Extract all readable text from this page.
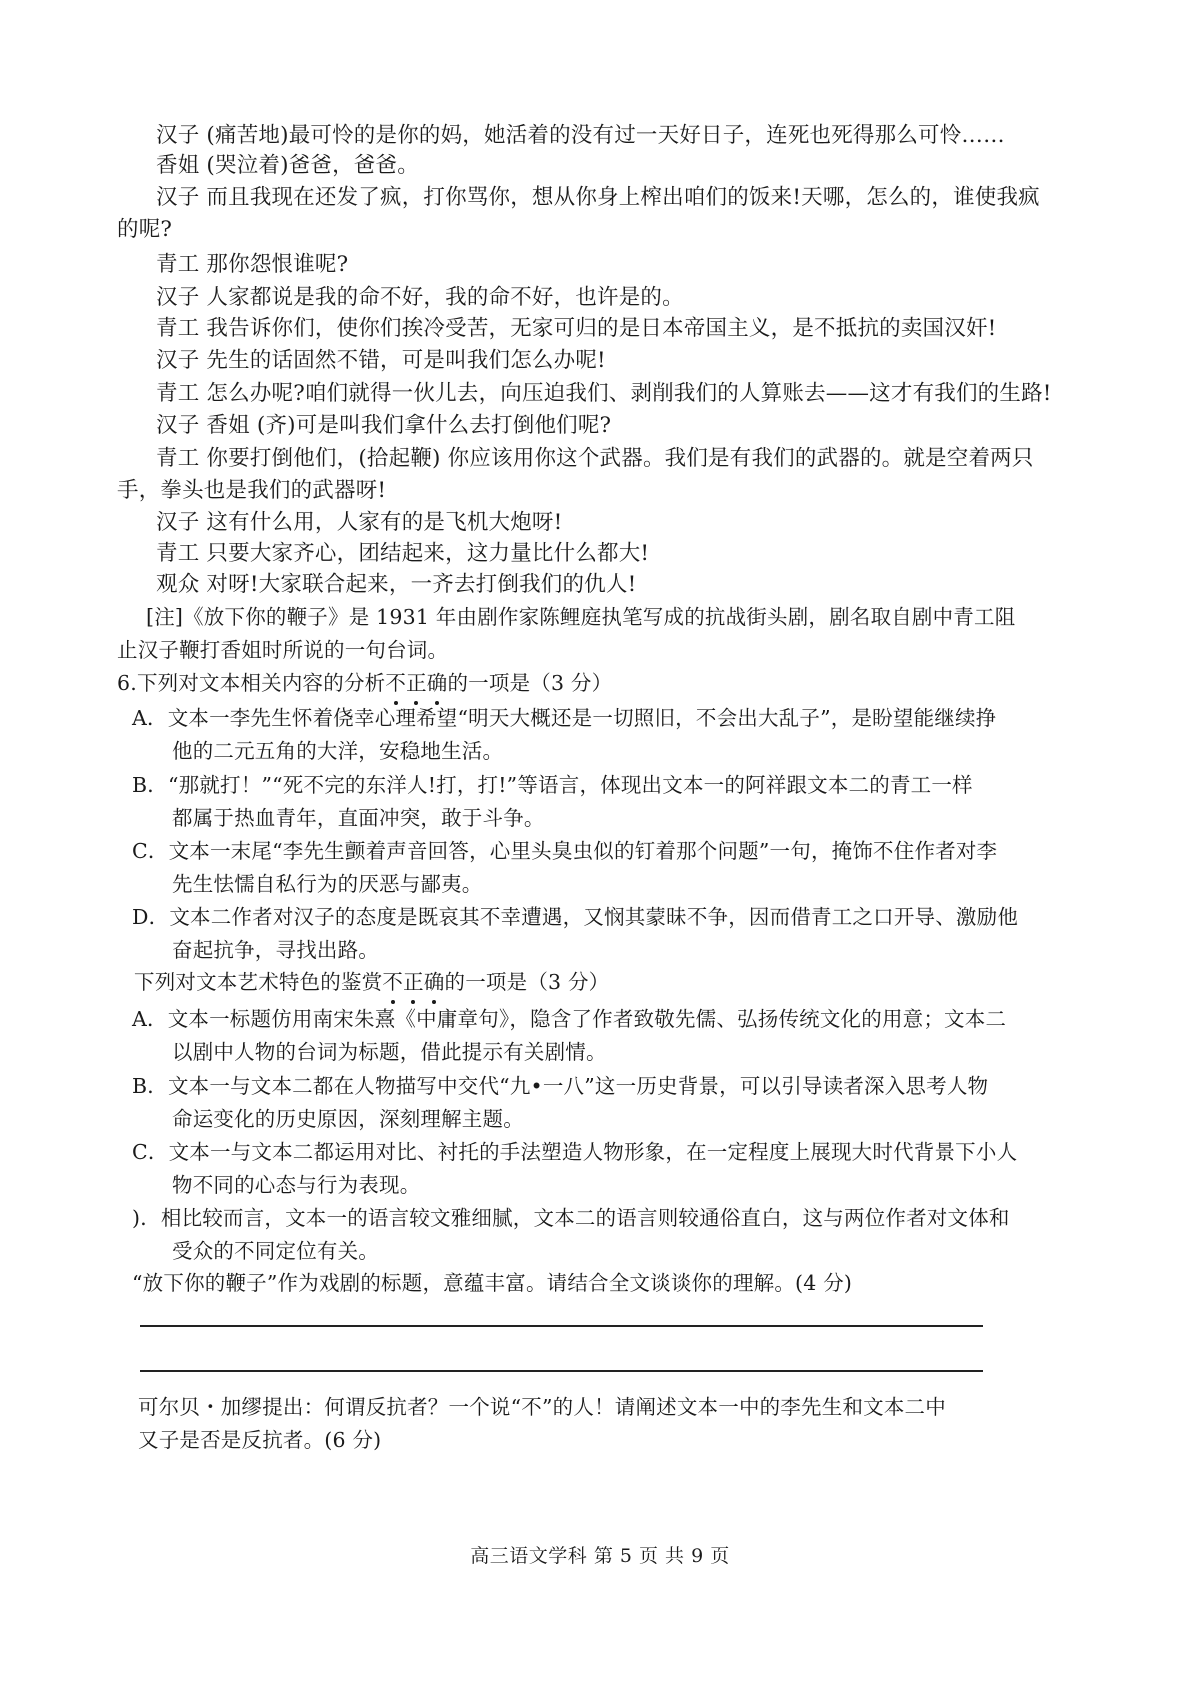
汉子 (痛苦地)最可怜的是你的妈，她活着的没有过一天好日子，连死也死得那么可怜……
香姐 (哭泣着)爸爸，爸爸。
汉子 而且我现在还发了疯，打你骂你，想从你身上榨出咱们的饭来!天哪，怎么的，谁使我疯
的呢?
青工 那你怨恨谁呢?
汉子 人家都说是我的命不好，我的命不好，也许是的。
青工 我告诉你们，使你们挨冷受苦，无家可归的是日本帝国主义，是不抵抗的卖国汉奸!
汉子 先生的话固然不错，可是叫我们怎么办呢!
青工 怎么办呢?咱们就得一伙儿去，向压迫我们、剥削我们的人算账去——这才有我们的生路!
汉子 香姐 (齐)可是叫我们拿什么去打倒他们呢?
青工 你要打倒他们，(拾起鞭) 你应该用你这个武器。我们是有我们的武器的。就是空着两只
手，拳头也是我们的武器呀!
汉子 这有什么用，人家有的是飞机大炮呀!
青工 只要大家齐心，团结起来，这力量比什么都大!
观众 对呀!大家联合起来，一齐去打倒我们的仇人!
[注]《放下你的鞭子》是 1931 年由剧作家陈鲤庭执笔写成的抗战街头剧，剧名取自剧中青工阻
止汉子鞭打香姐时所说的一句台词。
6.下列对文本相关内容的分析不正确的一项是（3 分）
A．文本一李先生怀着侥幸心理希望“明天大概还是一切照旧，不会出大乱子”，是盼望能继续挣
他的二元五角的大洋，安稳地生活。
B．“那就打！”“死不完的东洋人!打，打!”等语言，体现出文本一的阿祥跟文本二的青工一样
都属于热血青年，直面冲突，敢于斗争。
C．文本一末尾“李先生颤着声音回答，心里头臭虫似的钉着那个问题”一句，掩饰不住作者对李
先生怯懦自私行为的厌恶与鄙夷。
D．文本二作者对汉子的态度是既哀其不幸遭遇，又悯其蒙昧不争，因而借青工之口开导、激励他
奋起抗争，寻找出路。
下列对文本艺术特色的鉴赏不正确的一项是（3 分）
A．文本一标题仿用南宋朱熹《中庸章句》，隐含了作者致敬先儒、弘扬传统文化的用意；文本二
以剧中人物的台词为标题，借此提示有关剧情。
B．文本一与文本二都在人物描写中交代“九•一八”这一历史背景，可以引导读者深入思考人物
命运变化的历史原因，深刻理解主题。
C．文本一与文本二都运用对比、衬托的手法塑造人物形象，在一定程度上展现大时代背景下小人
物不同的心态与行为表现。
)．相比较而言，文本一的语言较文雅细腻，文本二的语言则较通俗直白，这与两位作者对文体和
受众的不同定位有关。
“放下你的鞭子”作为戏剧的标题，意蕴丰富。请结合全文谈谈你的理解。(4 分)
可尔贝・加缪提出：何谓反抗者？一个说“不”的人！请阐述文本一中的李先生和文本二中
又子是否是反抗者。(6 分)
高三语文学科 第 5 页 共 9 页
